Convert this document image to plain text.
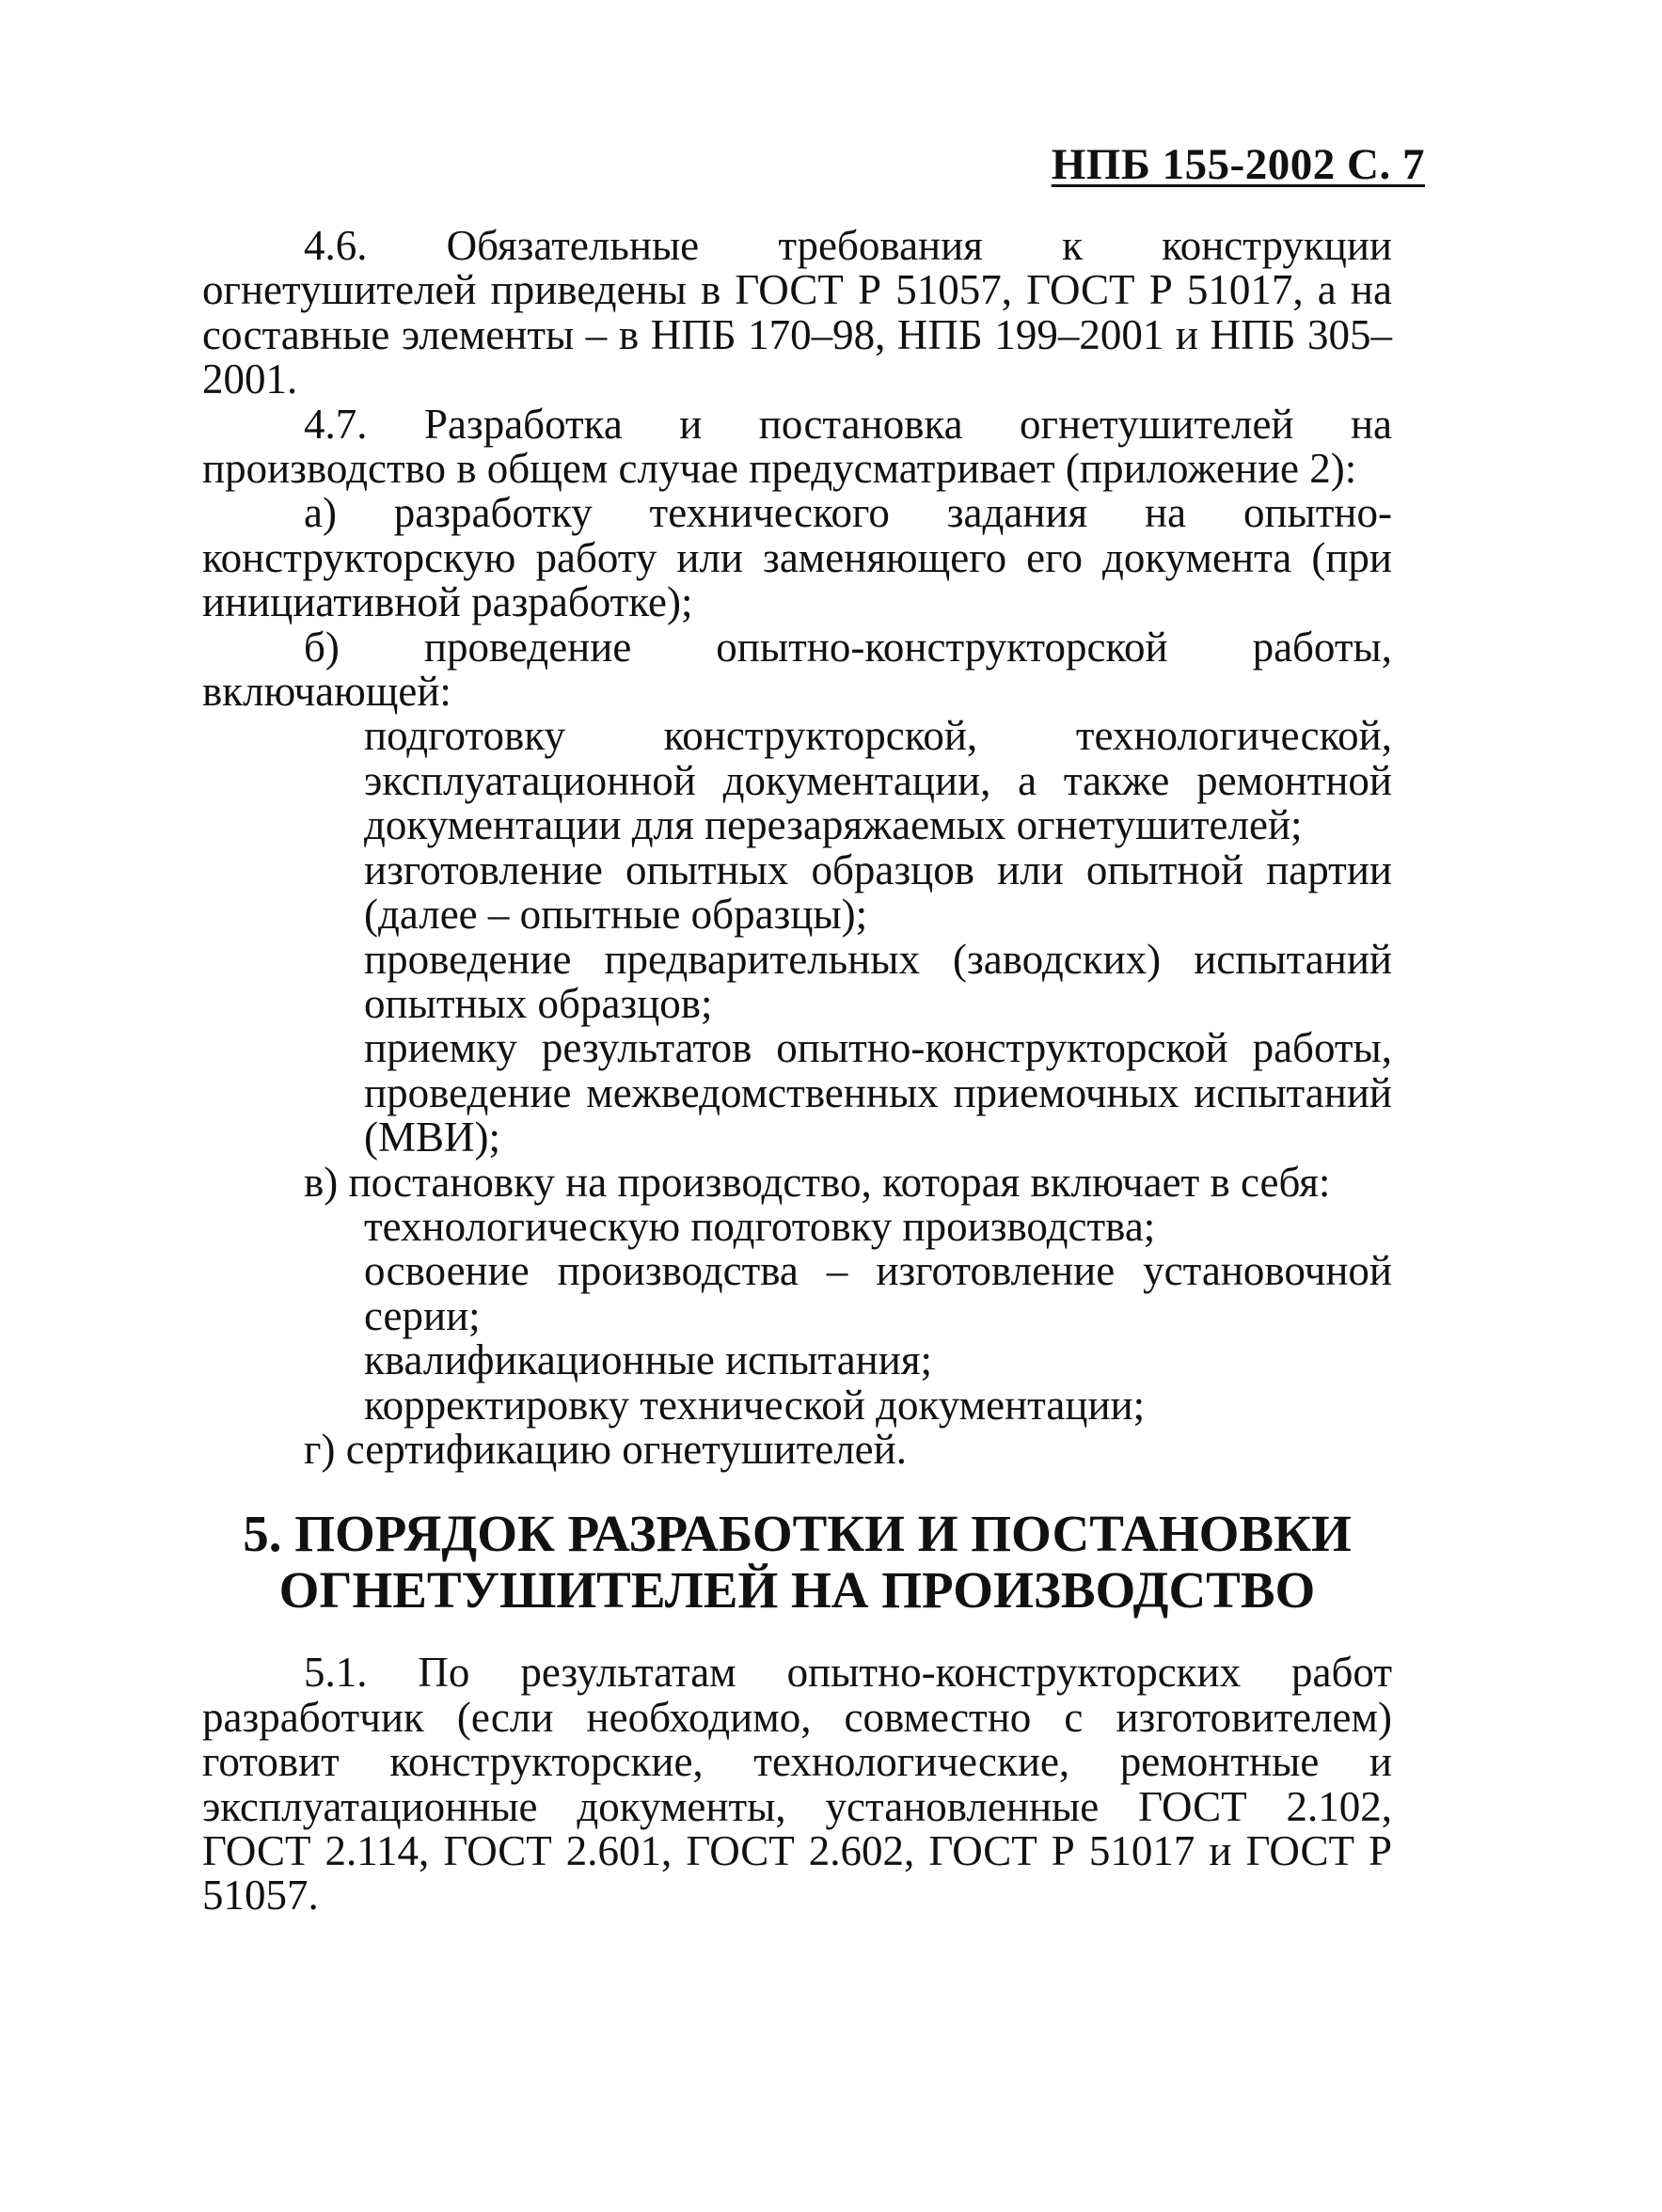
НПБ 155-2002 С. 7

4.6. Обязательные требования к конструкции огнетушителей приведены в ГОСТ Р 51057, ГОСТ Р 51017, а на составные элементы – в НПБ 170–98, НПБ 199–2001 и НПБ 305–2001.

4.7. Разработка и постановка огнетушителей на производство в общем случае предусматривает (приложение 2):

а) разработку технического задания на опытно-конструкторскую работу или заменяющего его документа (при инициативной разработке);

б) проведение опытно-конструкторской работы, включающей:

подготовку конструкторской, технологической, эксплуатационной документации, а также ремонтной документации для перезаряжаемых огнетушителей;

изготовление опытных образцов или опытной партии (далее – опытные образцы);

проведение предварительных (заводских) испытаний опытных образцов;

приемку результатов опытно-конструкторской работы, проведение межведомственных приемочных испытаний (МВИ);

в) постановку на производство, которая включает в себя:

технологическую подготовку производства;

освоение производства – изготовление установочной серии;

квалификационные испытания;

корректировку технической документации;

г) сертификацию огнетушителей.

5. ПОРЯДОК РАЗРАБОТКИ И ПОСТАНОВКИ
ОГНЕТУШИТЕЛЕЙ НА ПРОИЗВОДСТВО

5.1. По результатам опытно-конструкторских работ разработчик (если необходимо, совместно с изготовителем) готовит конструкторские, технологические, ремонтные и эксплуатационные документы, установленные ГОСТ 2.102, ГОСТ 2.114, ГОСТ 2.601, ГОСТ 2.602, ГОСТ Р 51017 и ГОСТ Р 51057.
